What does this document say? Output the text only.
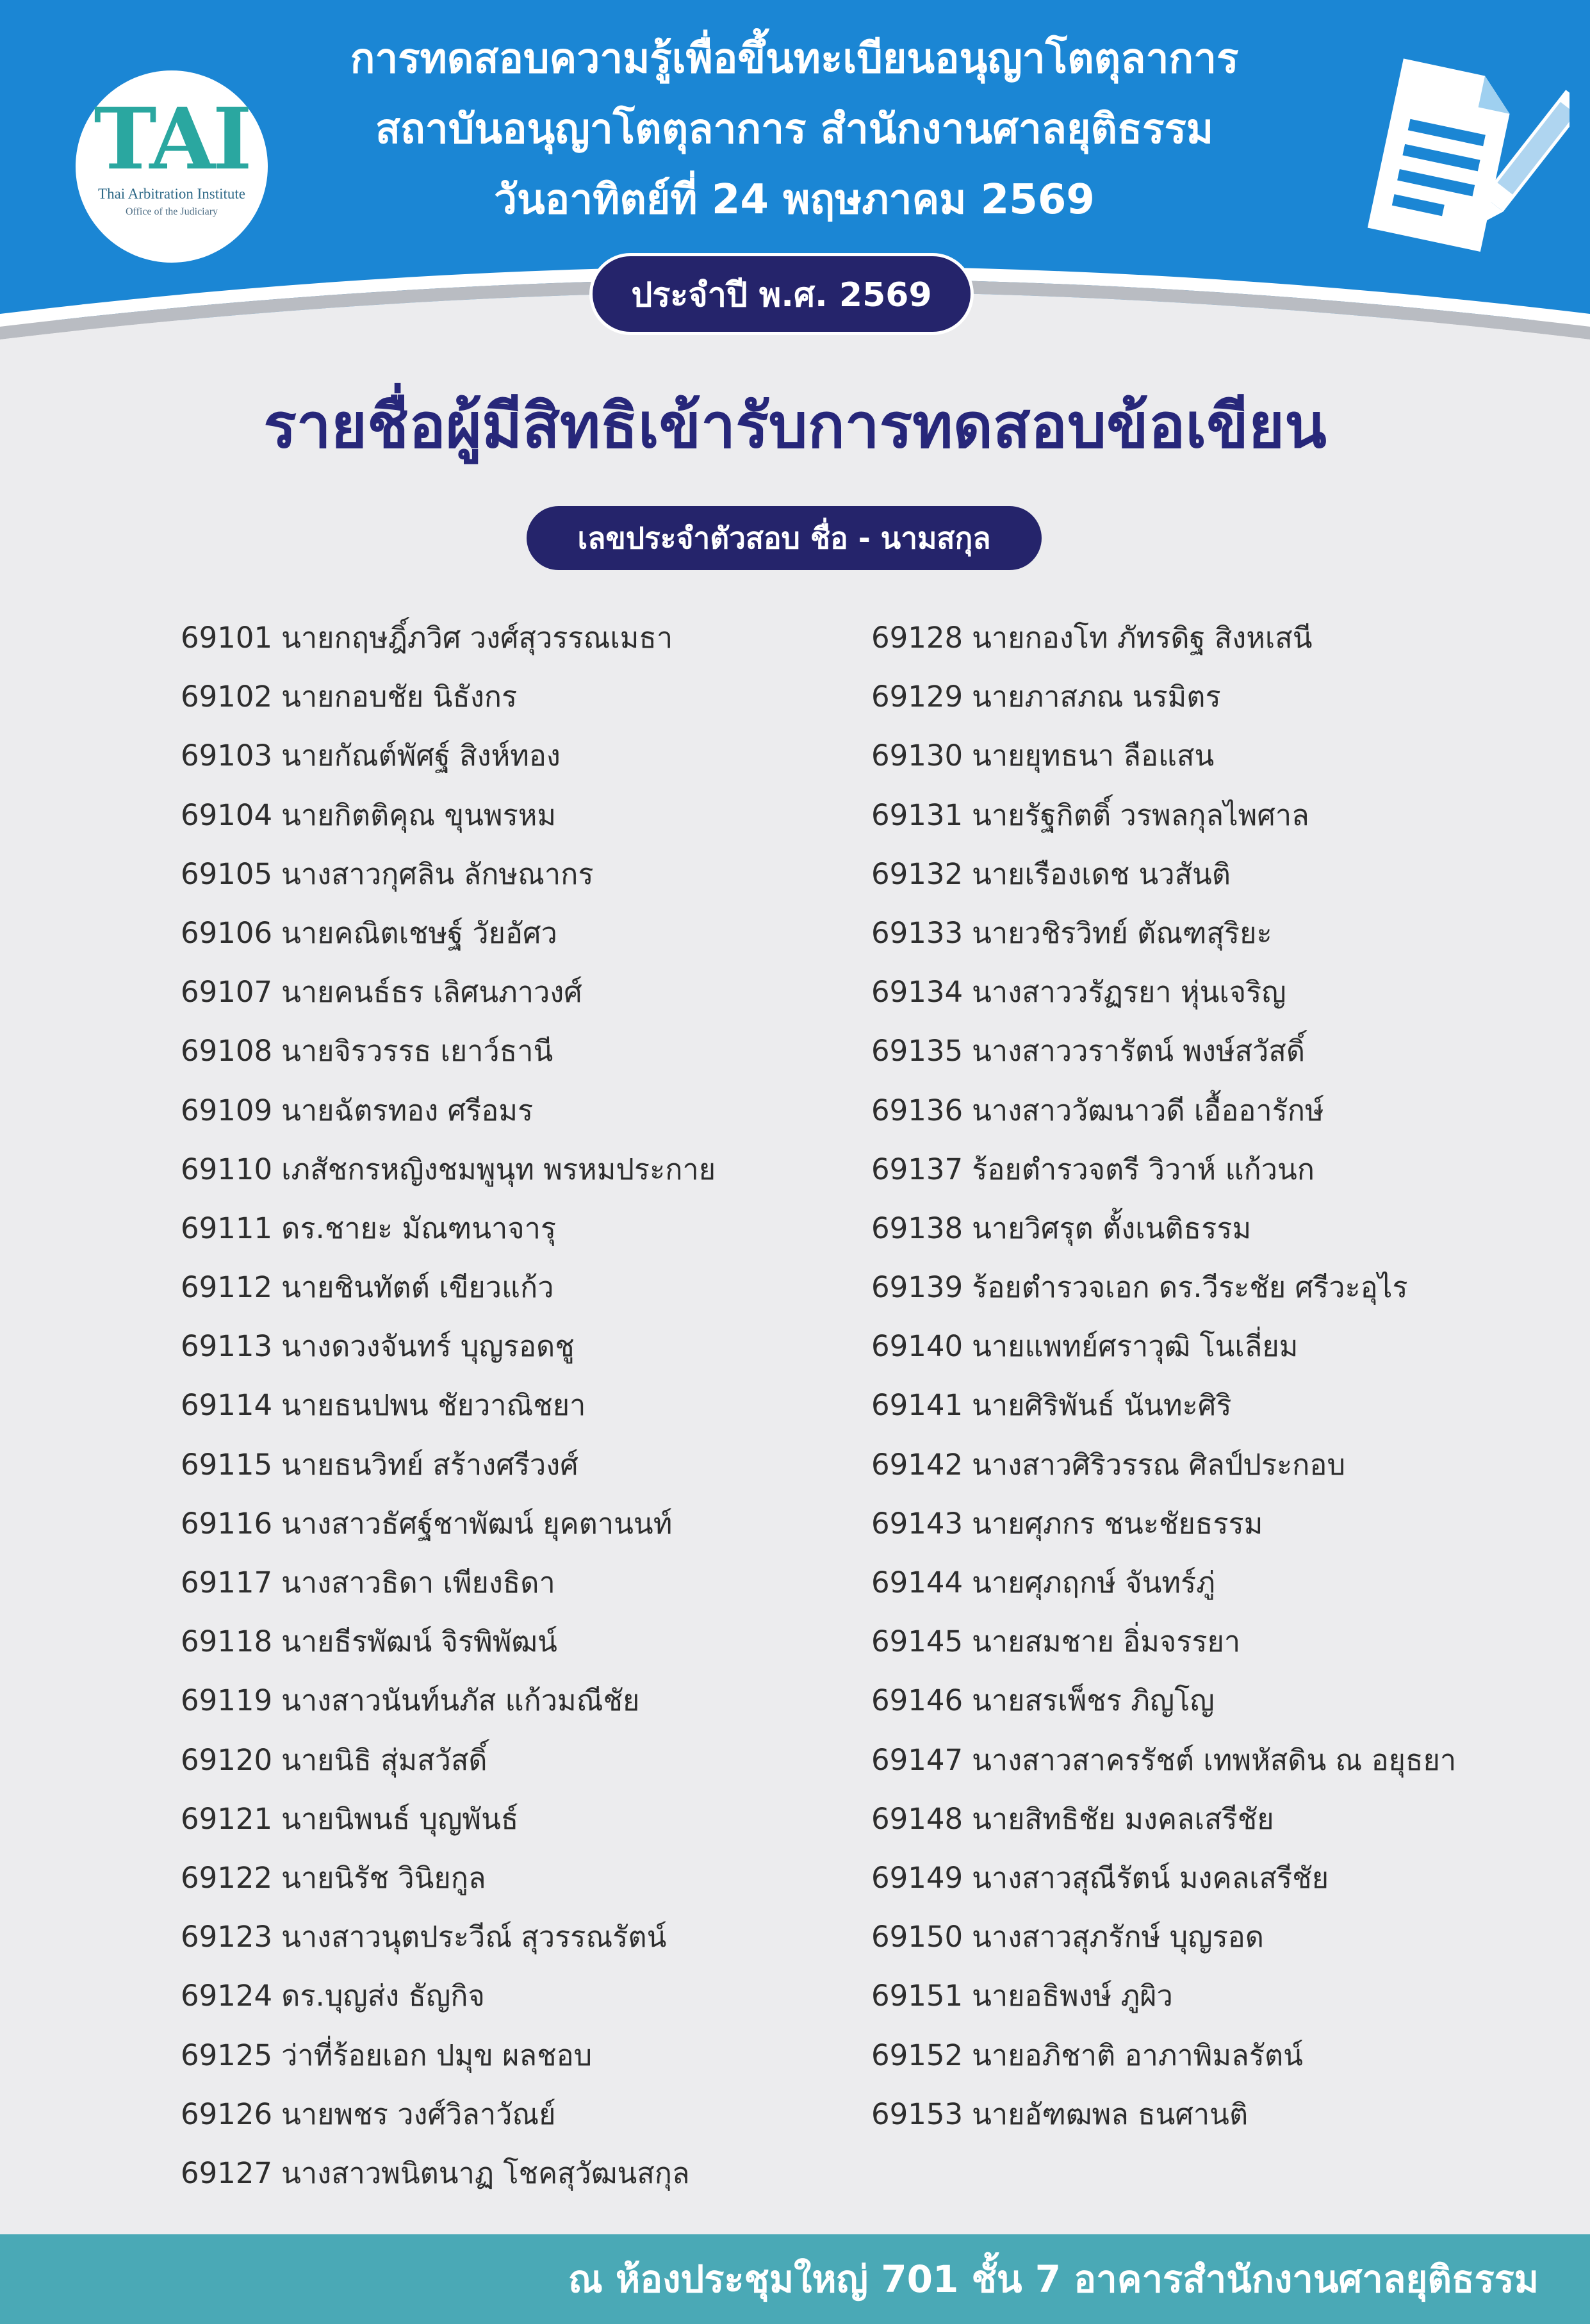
TAI
Thai Arbitration Institute
Office of the Judiciary
การทดสอบความรู้เพื่อขึ้นทะเบียนอนุญาโตตุลาการ
สถาบันอนุญาโตตุลาการ สำนักงานศาลยุติธรรม
วันอาทิตย์ที่ 24 พฤษภาคม 2569
ประจำปี พ.ศ. 2569
รายชื่อผู้มีสิทธิเข้ารับการทดสอบข้อเขียน
เลขประจำตัวสอบ ชื่อ - นามสกุล
69101 นายกฤษฎิ์ภวิศ วงศ์สุวรรณเมธา
69102 นายกอบชัย นิธังกร
69103 นายกัณต์พัศฐ์ สิงห์ทอง
69104 นายกิตติคุณ ขุนพรหม
69105 นางสาวกุศลิน ลักษณากร
69106 นายคณิตเชษฐ์ วัยอัศว
69107 นายคนธ์ธร เลิศนภาวงศ์
69108 นายจิรวรรธ เยาว์ธานี
69109 นายฉัตรทอง ศรีอมร
69110 เภสัชกรหญิงชมพูนุท พรหมประกาย
69111 ดร.ชายะ มัณฑนาจารุ
69112 นายชินทัตต์ เขียวแก้ว
69113 นางดวงจันทร์ บุญรอดชู
69114 นายธนปพน ชัยวาณิชยา
69115 นายธนวิทย์ สร้างศรีวงศ์
69116 นางสาวธัศฐ์ชาพัฒน์ ยุคตานนท์
69117 นางสาวธิดา เพียงธิดา
69118 นายธีรพัฒน์ จิรพิพัฒน์
69119 นางสาวนันท์นภัส แก้วมณีชัย
69120 นายนิธิ สุ่มสวัสดิ์
69121 นายนิพนธ์ บุญพันธ์
69122 นายนิรัช วินิยกูล
69123 นางสาวนุตประวีณ์ สุวรรณรัตน์
69124 ดร.บุญส่ง ธัญกิจ
69125 ว่าที่ร้อยเอก ปมุข ผลชอบ
69126 นายพชร วงศ์วิลาวัณย์
69127 นางสาวพนิตนาฏ โชคสุวัฒนสกุล
69128 นายกองโท ภัทรดิฐ สิงหเสนี
69129 นายภาสภณ นรมิตร
69130 นายยุทธนา ลือแสน
69131 นายรัฐกิตติ์ วรพลกุลไพศาล
69132 นายเรืองเดช นวสันติ
69133 นายวชิรวิทย์ ตัณฑสุริยะ
69134 นางสาววรัฏรยา หุ่นเจริญ
69135 นางสาววรารัตน์ พงษ์สวัสดิ์
69136 นางสาววัฒนาวดี เอื้ออารักษ์
69137 ร้อยตำรวจตรี วิวาห์ แก้วนก
69138 นายวิศรุต ตั้งเนติธรรม
69139 ร้อยตำรวจเอก ดร.วีระชัย ศรีวะอุไร
69140 นายแพทย์ศราวุฒิ โนเลี่ยม
69141 นายศิริพันธ์ นันทะศิริ
69142 นางสาวศิริวรรณ ศิลป์ประกอบ
69143 นายศุภกร ชนะชัยธรรม
69144 นายศุภฤกษ์ จันทร์ภู่
69145 นายสมชาย อิ่มจรรยา
69146 นายสรเพ็ชร ภิญโญ
69147 นางสาวสาครรัชต์ เทพหัสดิน ณ อยุธยา
69148 นายสิทธิชัย มงคลเสรีชัย
69149 นางสาวสุณีรัตน์ มงคลเสรีชัย
69150 นางสาวสุภรักษ์ บุญรอด
69151 นายอธิพงษ์ ภูผิว
69152 นายอภิชาติ อาภาพิมลรัตน์
69153 นายอัฑฒพล ธนศานติ
ณ ห้องประชุมใหญ่ 701 ชั้น 7 อาคารสำนักงานศาลยุติธรรม
